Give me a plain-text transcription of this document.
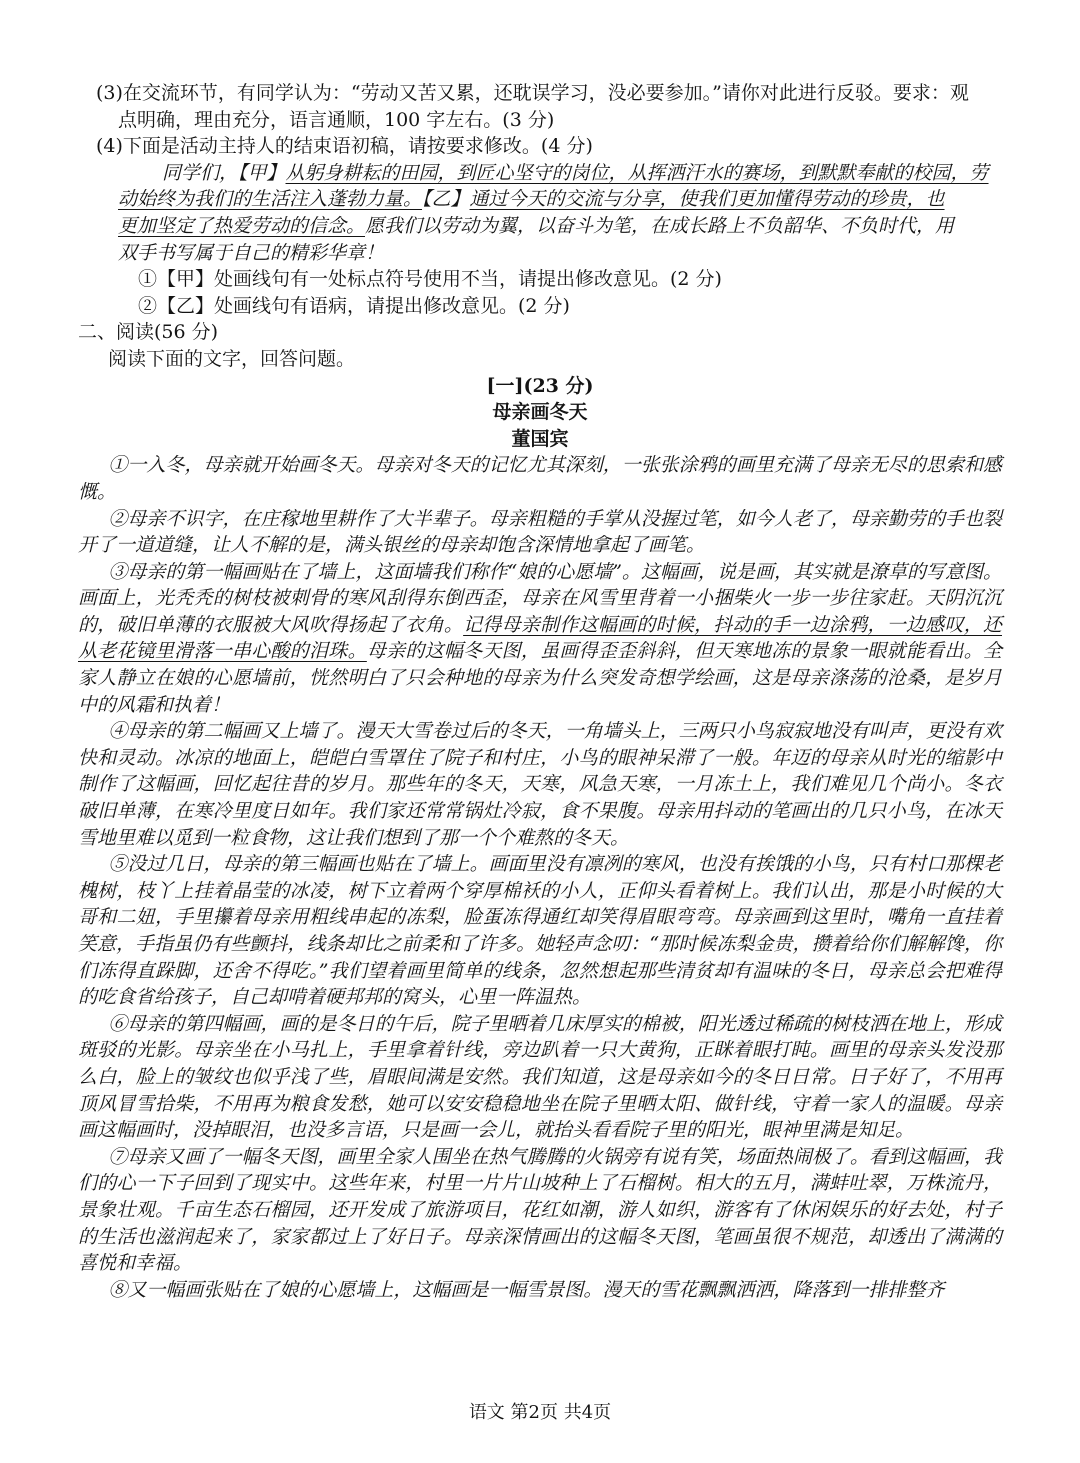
(3)在交流环节，有同学认为：“劳动又苦又累，还耽误学习，没必要参加。”请你对此进行反驳。要求：观
点明确，理由充分，语言通顺，100 字左右。(3 分)
(4)下面是活动主持人的结束语初稿，请按要求修改。(4 分)
同学们，【甲】从躬身耕耘的田园，到匠心坚守的岗位，从挥洒汗水的赛场，到默默奉献的校园，劳
动始终为我们的生活注入蓬勃力量。【乙】通过今天的交流与分享，使我们更加懂得劳动的珍贵，也
更加坚定了热爱劳动的信念。愿我们以劳动为翼，以奋斗为笔，在成长路上不负韶华、不负时代，用
双手书写属于自己的精彩华章！
①【甲】处画线句有一处标点符号使用不当，请提出修改意见。(2 分)
②【乙】处画线句有语病，请提出修改意见。(2 分)
二、阅读(56 分)
阅读下面的文字，回答问题。
[一](23 分)
母亲画冬天
董国宾
①一入冬，母亲就开始画冬天。母亲对冬天的记忆尤其深刻，一张张涂鸦的画里充满了母亲无尽的思索和感慨。
②母亲不识字，在庄稼地里耕作了大半辈子。母亲粗糙的手掌从没握过笔，如今人老了，母亲勤劳的手也裂开了一道道缝，让人不解的是，满头银丝的母亲却饱含深情地拿起了画笔。
③母亲的第一幅画贴在了墙上，这面墙我们称作“娘的心愿墙”。这幅画，说是画，其实就是潦草的写意图。画面上，光秃秃的树枝被刺骨的寒风刮得东倒西歪，母亲在风雪里背着一小捆柴火一步一步往家赶。天阴沉沉的，破旧单薄的衣服被大风吹得扬起了衣角。记得母亲制作这幅画的时候，抖动的手一边涂鸦，一边感叹，还从老花镜里滑落一串心酸的泪珠。母亲的这幅冬天图，虽画得歪歪斜斜，但天寒地冻的景象一眼就能看出。全家人静立在娘的心愿墙前，恍然明白了只会种地的母亲为什么突发奇想学绘画，这是母亲涤荡的沧桑，是岁月中的风霜和执着！
④母亲的第二幅画又上墙了。漫天大雪卷过后的冬天，一角墙头上，三两只小鸟寂寂地没有叫声，更没有欢快和灵动。冰凉的地面上，皑皑白雪罩住了院子和村庄，小鸟的眼神呆滞了一般。年迈的母亲从时光的缩影中制作了这幅画，回忆起往昔的岁月。那些年的冬天，天寒，风急天寒，一月冻土上，我们难见几个尚小。冬衣破旧单薄，在寒冷里度日如年。我们家还常常锅灶冷寂，食不果腹。母亲用抖动的笔画出的几只小鸟，在冰天雪地里难以觅到一粒食物，这让我们想到了那一个个难熬的冬天。
⑤没过几日，母亲的第三幅画也贴在了墙上。画面里没有凛冽的寒风，也没有挨饿的小鸟，只有村口那棵老槐树，枝丫上挂着晶莹的冰凌，树下立着两个穿厚棉袄的小人，正仰头看着树上。我们认出，那是小时候的大哥和二妞，手里攥着母亲用粗线串起的冻梨，脸蛋冻得通红却笑得眉眼弯弯。母亲画到这里时，嘴角一直挂着笑意，手指虽仍有些颤抖，线条却比之前柔和了许多。她轻声念叨：“那时候冻梨金贵，攒着给你们解解馋，你们冻得直跺脚，还舍不得吃。”我们望着画里简单的线条，忽然想起那些清贫却有温味的冬日，母亲总会把难得的吃食省给孩子，自己却啃着硬邦邦的窝头，心里一阵温热。
⑥母亲的第四幅画，画的是冬日的午后，院子里晒着几床厚实的棉被，阳光透过稀疏的树枝洒在地上，形成斑驳的光影。母亲坐在小马扎上，手里拿着针线，旁边趴着一只大黄狗，正眯着眼打盹。画里的母亲头发没那么白，脸上的皱纹也似乎浅了些，眉眼间满是安然。我们知道，这是母亲如今的冬日日常。日子好了，不用再顶风冒雪拾柴，不用再为粮食发愁，她可以安安稳稳地坐在院子里晒太阳、做针线，守着一家人的温暖。母亲画这幅画时，没掉眼泪，也没多言语，只是画一会儿，就抬头看看院子里的阳光，眼神里满是知足。
⑦母亲又画了一幅冬天图，画里全家人围坐在热气腾腾的火锅旁有说有笑，场面热闹极了。看到这幅画，我们的心一下子回到了现实中。这些年来，村里一片片山坡种上了石榴树。相大的五月，满蚌吐翠，万株流丹，景象壮观。千亩生态石榴园，还开发成了旅游项目，花红如潮，游人如织，游客有了休闲娱乐的好去处，村子的生活也滋润起来了，家家都过上了好日子。母亲深情画出的这幅冬天图，笔画虽很不规范，却透出了满满的喜悦和幸福。
⑧又一幅画张贴在了娘的心愿墙上，这幅画是一幅雪景图。漫天的雪花飘飘洒洒，降落到一排排整齐
语文 第2页 共4页
